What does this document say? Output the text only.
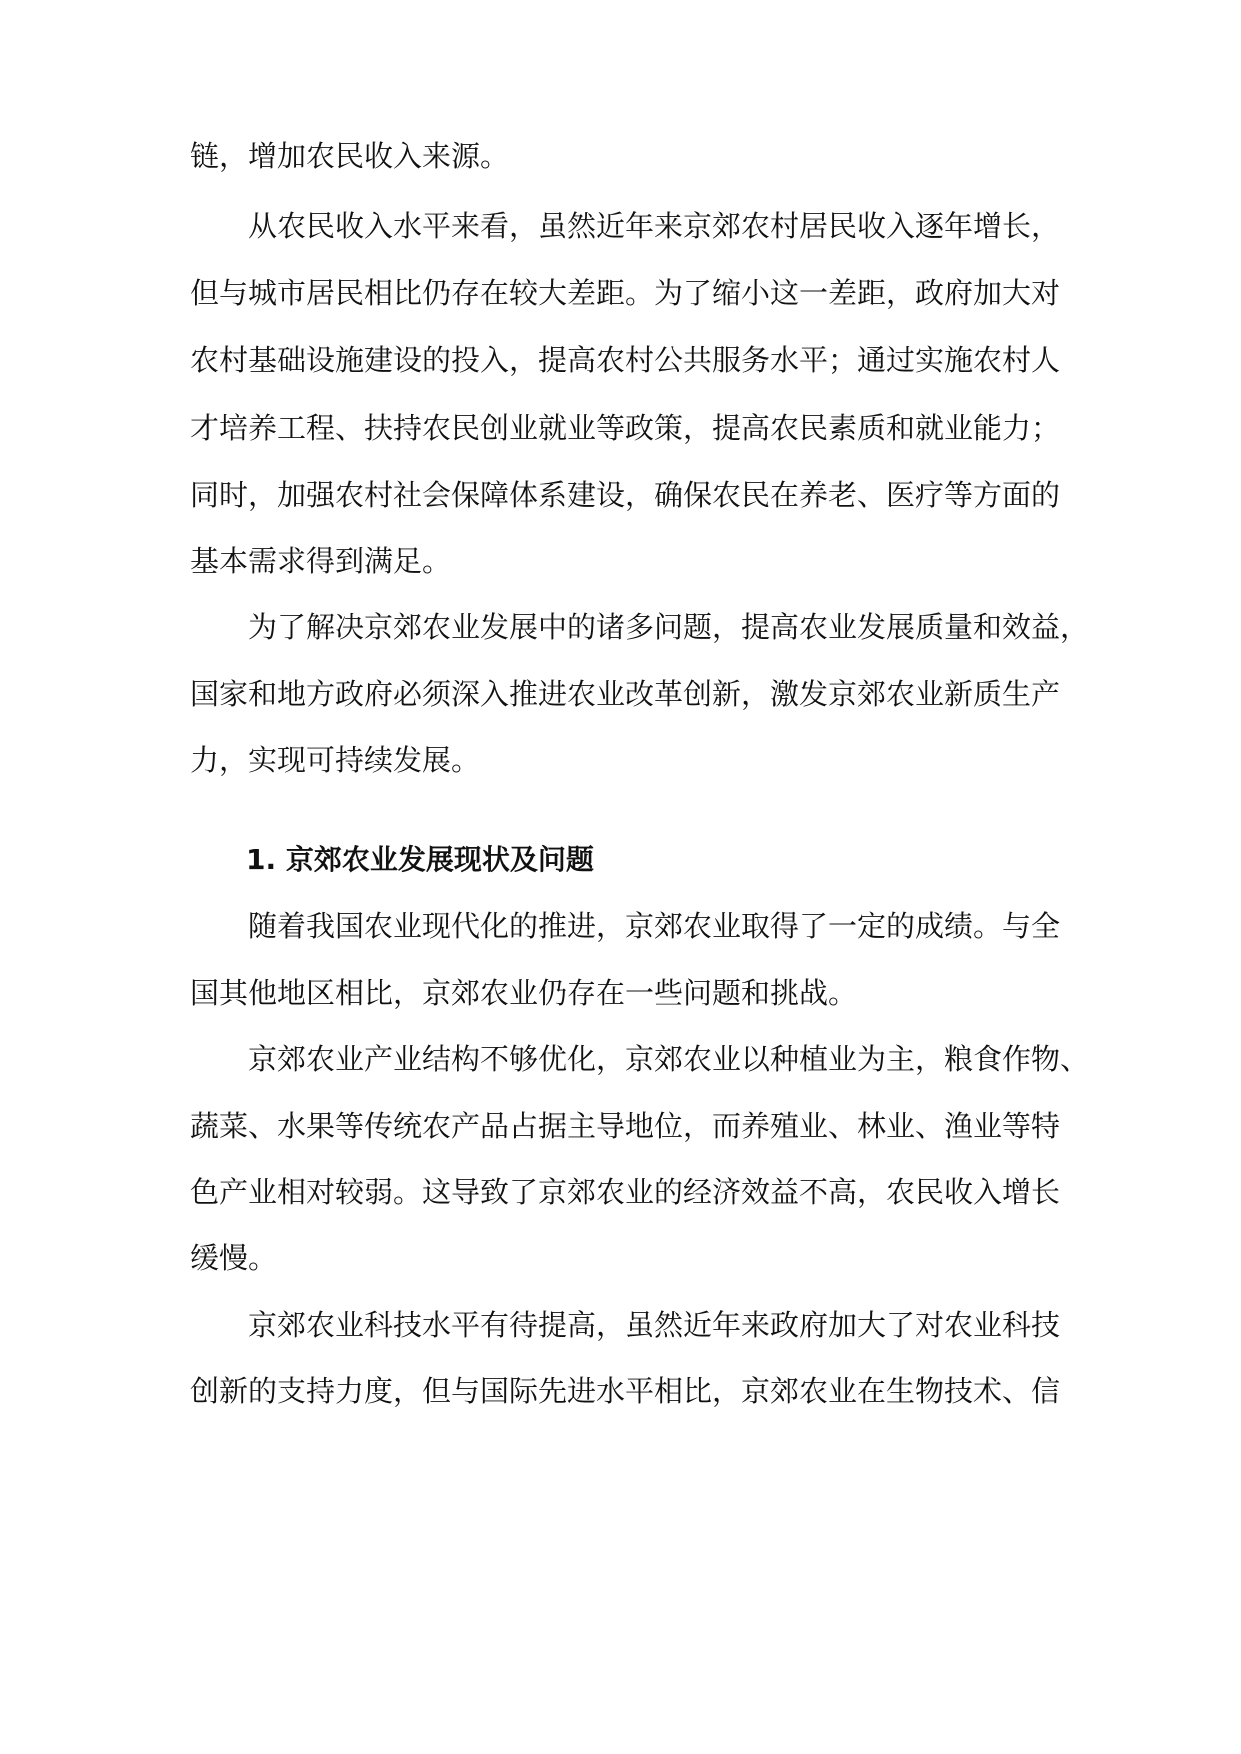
链，增加农民收入来源。
从农民收入水平来看，虽然近年来京郊农村居民收入逐年增长，
但与城市居民相比仍存在较大差距。为了缩小这一差距，政府加大对
农村基础设施建设的投入，提高农村公共服务水平；通过实施农村人
才培养工程、扶持农民创业就业等政策，提高农民素质和就业能力；
同时，加强农村社会保障体系建设，确保农民在养老、医疗等方面的
基本需求得到满足。
为了解决京郊农业发展中的诸多问题，提高农业发展质量和效益，
国家和地方政府必须深入推进农业改革创新，激发京郊农业新质生产
力，实现可持续发展。
1. 京郊农业发展现状及问题
随着我国农业现代化的推进，京郊农业取得了一定的成绩。与全
国其他地区相比，京郊农业仍存在一些问题和挑战。
京郊农业产业结构不够优化，京郊农业以种植业为主，粮食作物、
蔬菜、水果等传统农产品占据主导地位，而养殖业、林业、渔业等特
色产业相对较弱。这导致了京郊农业的经济效益不高，农民收入增长
缓慢。
京郊农业科技水平有待提高，虽然近年来政府加大了对农业科技
创新的支持力度，但与国际先进水平相比，京郊农业在生物技术、信
